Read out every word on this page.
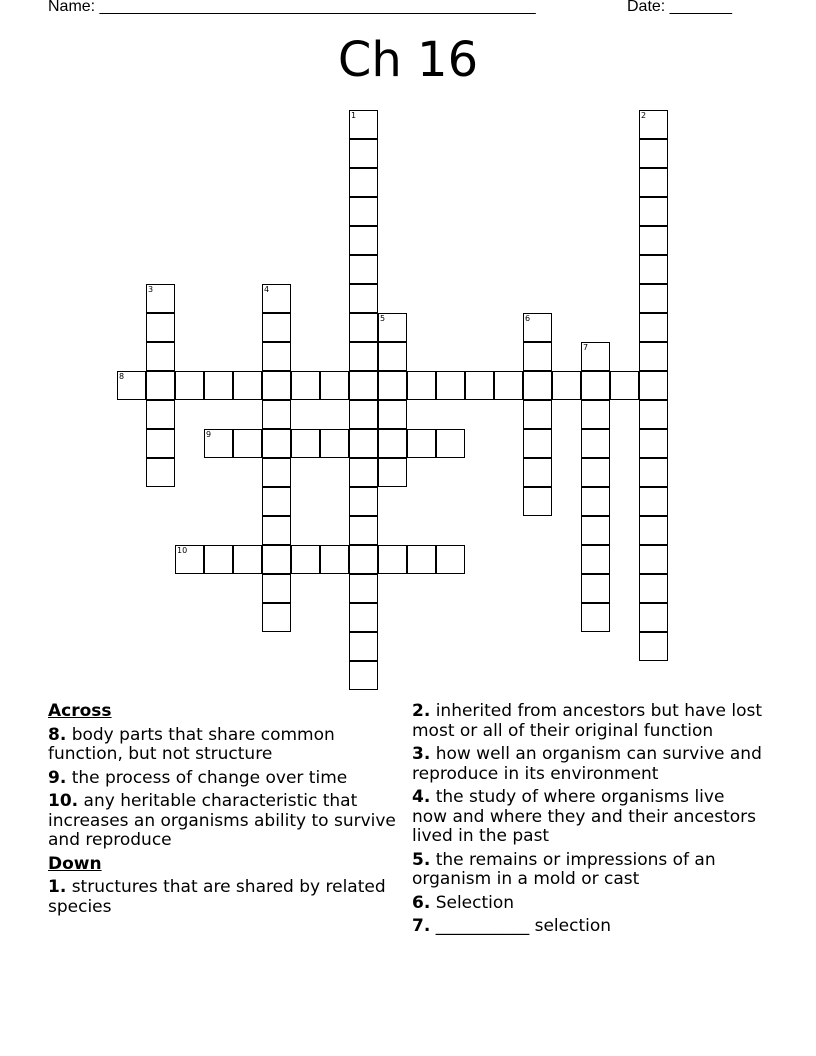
Name: _________________________________________________	Date: _______
Ch 16
1	2
3	4
5	6
7
8
9
10
Across
8. body parts that share common function, but not structure
9. the process of change over time
10. any heritable characteristic that increases an organisms ability to survive and reproduce
Down
1. structures that are shared by related species
2. inherited from ancestors but have lost most or all of their original function
3. how well an organism can survive and reproduce in its environment
4. the study of where organisms live now and where they and their ancestors lived in the past
5. the remains or impressions of an organism in a mold or cast
6. Selection
7. ___________ selection
